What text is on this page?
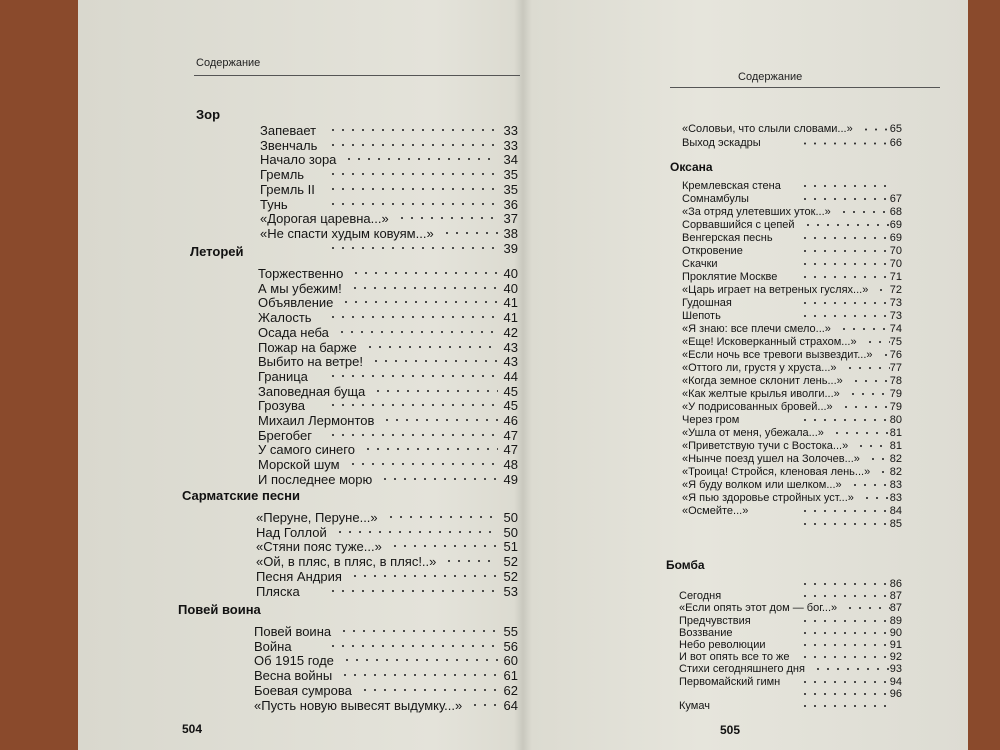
Содержание
Зор
Запевает	33
Звенчаль	33
Начало зора	34
Гремль	35
Гремль II	35
Тунь	36
«Дорогая царевна...»	37
«Не спасти худым ковуям...»	38
39
Леторей
Торжественно	40
А мы убежим!	40
Объявление	41
Жалость	41
Осада неба	42
Пожар на барже	43
Выбито на ветре!	43
Граница	44
Заповедная буща	45
Грозува	45
Михаил Лермонтов	46
Брегобег	47
У самого синего	47
Морской шум	48
И последнее морю	49
Сарматские песни
«Перуне, Перуне...»	50
Над Голлой	50
«Стяни пояс туже...»	51
«Ой, в пляс, в пляс, в пляс!..»	52
Песня Андрия	52
Пляска	53
Повей воина
Повей воина	55
Война	56
Об 1915 годе	60
Весна войны	61
Боевая сумрова	62
«Пусть новую вывесят выдумку...»	64
504
Содержание
«Соловьи, что слыли словами...»	65
Выход эскадры	66
Оксана
Кремлевская стена
Сомнамбулы	67
«За отряд улетевших уток...»	68
Сорвавшийся с цепей	69
Венгерская песнь	69
Откровение	70
Скачки	70
Проклятие Москве	71
«Царь играет на ветреных гуслях...» 72
Гудошная	73
Шепоть	73
«Я знаю: все плечи смело...»	74
«Еще! Исковерканный страхом...»	75
«Если ночь все тревоги вызвездит...» 76
«Оттого ли, грустя у хруста...»	77
«Когда земное склонит лень...»	78
«Как желтые крылья иволги...»	79
«У подрисованных бровей...»	79
Через гром	80
«Ушла от меня, убежала...»	81
«Приветствую тучи с Востока...»	81
«Нынче поезд ушел на Золочев...»	82
«Троица! Стройся, кленовая лень...» 82
«Я буду волком или шелком...»	83
«Я пью здоровье стройных уст...»	83
«Осмейте...»	84
85
Бомба
86
Сегодня	87
«Если опять этот дом — бог...»	87
Предчувствия	89
Воззвание	90
Небо революции	91
И вот опять все то же	92
Стихи сегодняшнего дня	93
Первомайский гимн	94
96
Кумач
505
